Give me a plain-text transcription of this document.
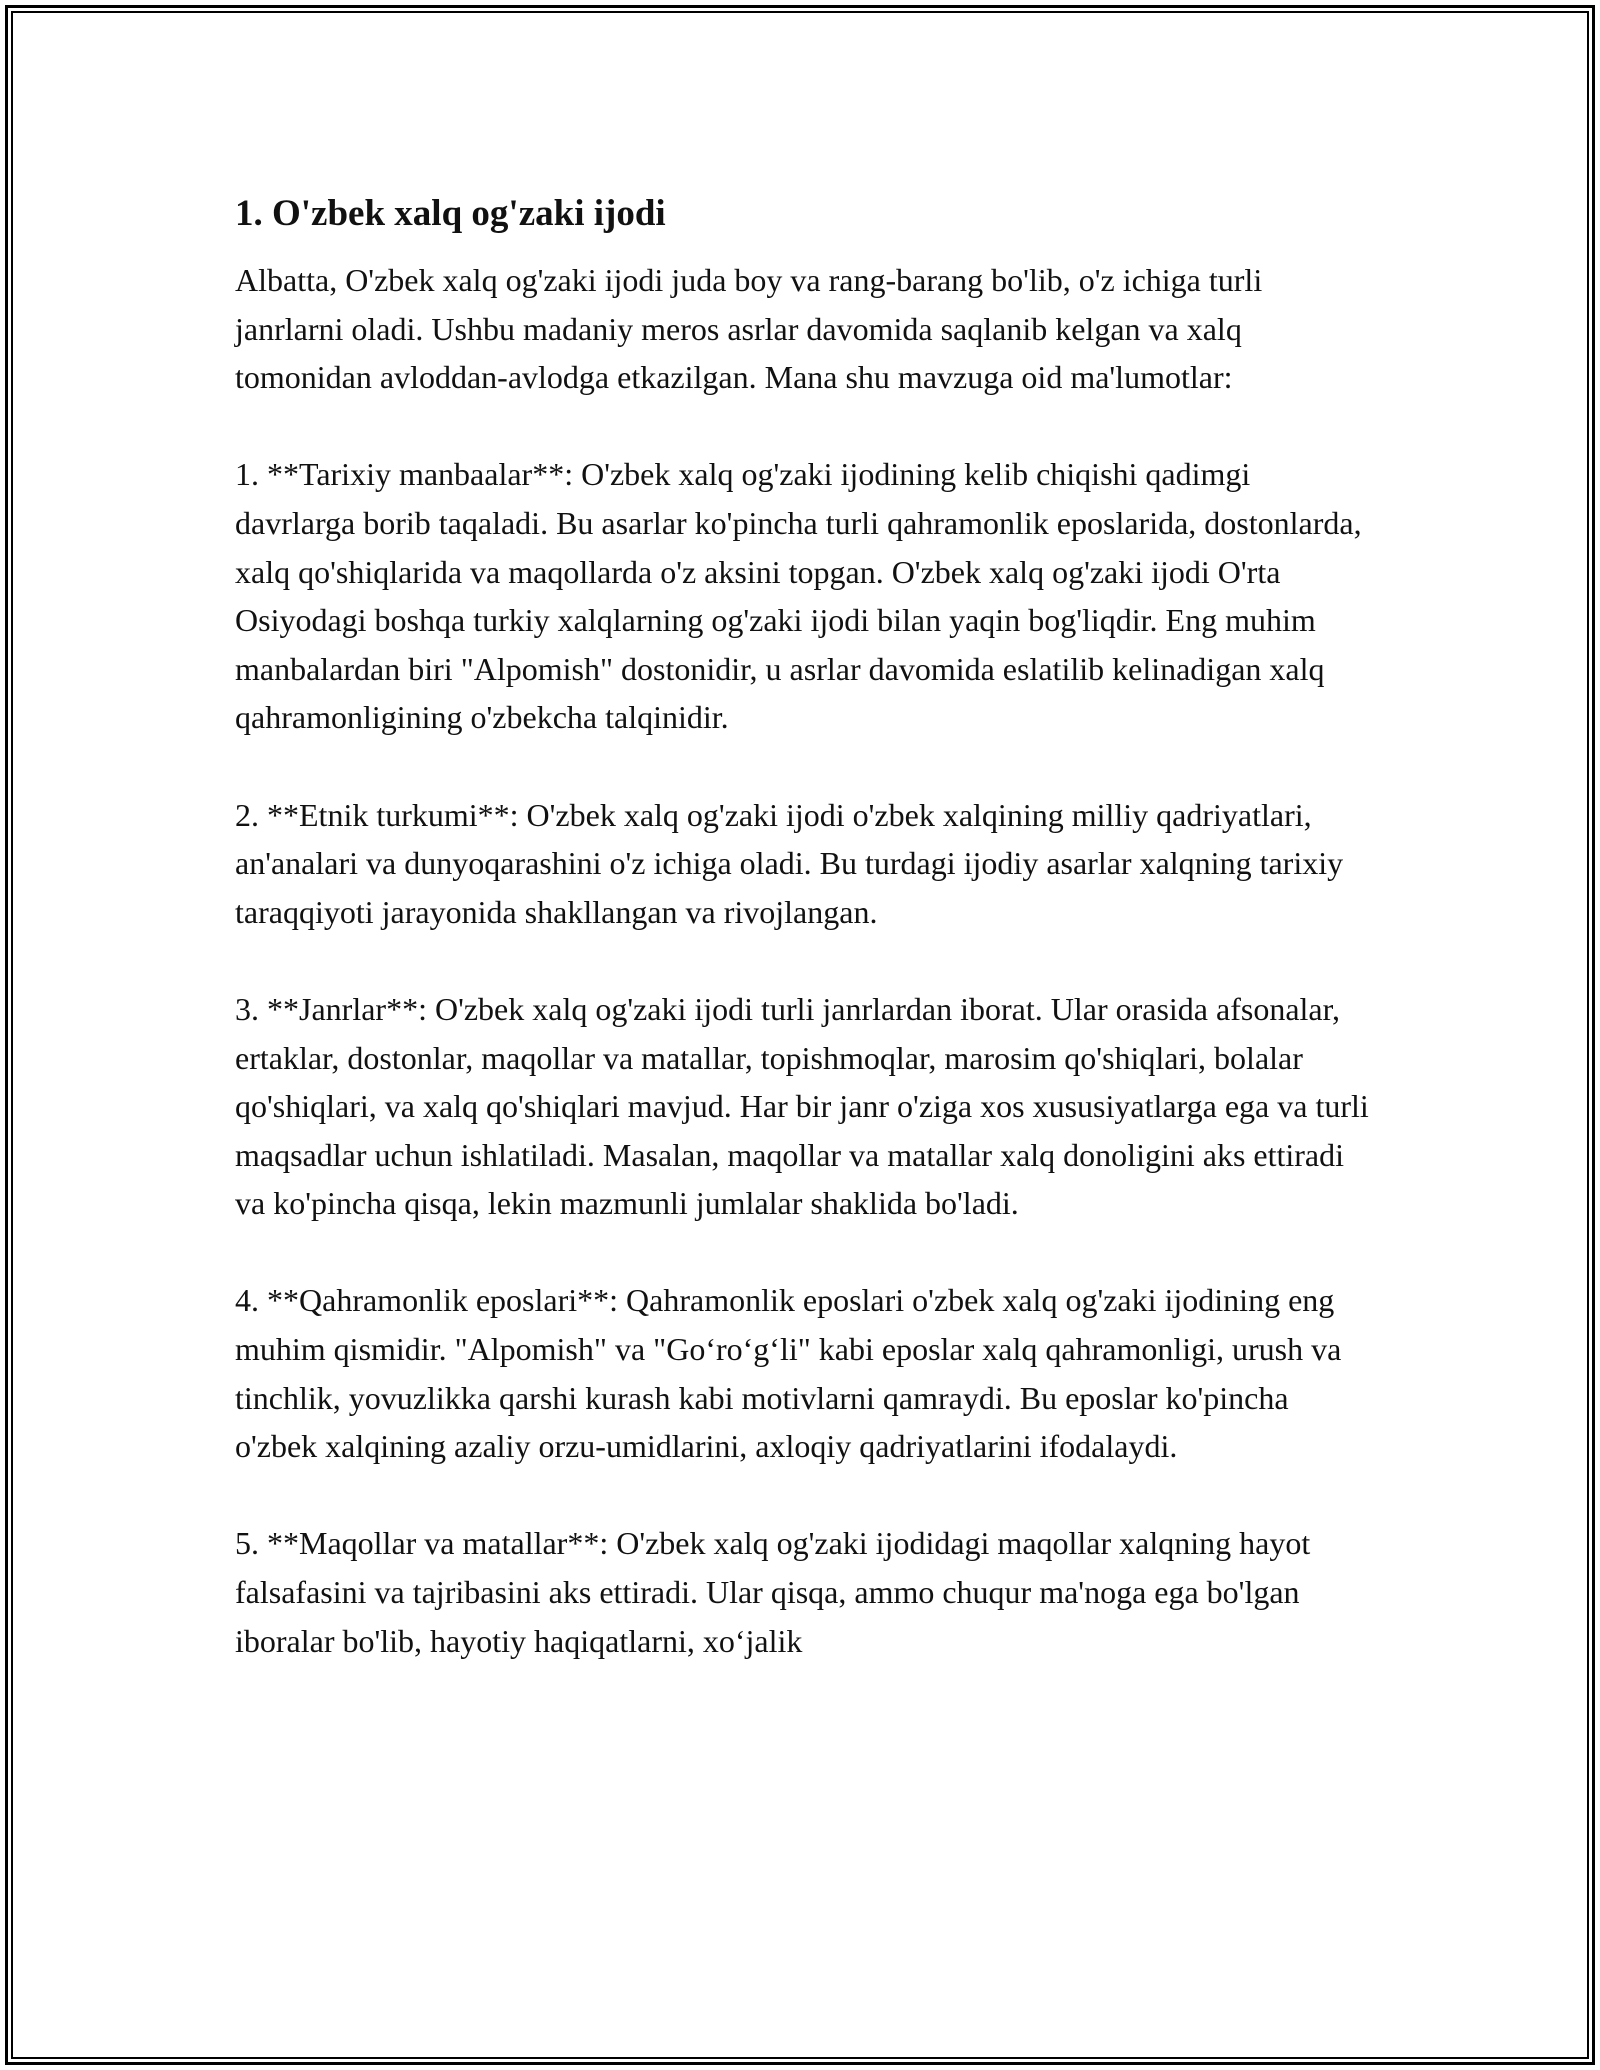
1. O'zbek xalq og'zaki ijodi

Albatta, O'zbek xalq og'zaki ijodi juda boy va rang-barang bo'lib, o'z ichiga turli janrlarni oladi. Ushbu madaniy meros asrlar davomida saqlanib kelgan va xalq tomonidan avloddan-avlodga etkazilgan. Mana shu mavzuga oid ma'lumotlar:

1. **Tarixiy manbaalar**: O'zbek xalq og'zaki ijodining kelib chiqishi qadimgi davrlarga borib taqaladi. Bu asarlar ko'pincha turli qahramonlik eposlarida, dostonlarda, xalq qo'shiqlarida va maqollarda o'z aksini topgan. O'zbek xalq og'zaki ijodi O'rta Osiyodagi boshqa turkiy xalqlarning og'zaki ijodi bilan yaqin bog'liqdir. Eng muhim manbalardan biri "Alpomish" dostonidir, u asrlar davomida eslatilib kelinadigan xalq qahramonligining o'zbekcha talqinidir.

2. **Etnik turkumi**: O'zbek xalq og'zaki ijodi o'zbek xalqining milliy qadriyatlari, an'analari va dunyoqarashini o'z ichiga oladi. Bu turdagi ijodiy asarlar xalqning tarixiy taraqqiyoti jarayonida shakllangan va rivojlangan.

3. **Janrlar**: O'zbek xalq og'zaki ijodi turli janrlardan iborat. Ular orasida afsonalar, ertaklar, dostonlar, maqollar va matallar, topishmoqlar, marosim qo'shiqlari, bolalar qo'shiqlari, va xalq qo'shiqlari mavjud. Har bir janr o'ziga xos xususiyatlarga ega va turli maqsadlar uchun ishlatiladi. Masalan, maqollar va matallar xalq donoligini aks ettiradi va ko'pincha qisqa, lekin mazmunli jumlalar shaklida bo'ladi.

4. **Qahramonlik eposlari**: Qahramonlik eposlari o'zbek xalq og'zaki ijodining eng muhim qismidir. "Alpomish" va "Go‘ro‘g‘li" kabi eposlar xalq qahramonligi, urush va tinchlik, yovuzlikka qarshi kurash kabi motivlarni qamraydi. Bu eposlar ko'pincha o'zbek xalqining azaliy orzu-umidlarini, axloqiy qadriyatlarini ifodalaydi.

5. **Maqollar va matallar**: O'zbek xalq og'zaki ijodidagi maqollar xalqning hayot falsafasini va tajribasini aks ettiradi. Ular qisqa, ammo chuqur ma'noga ega bo'lgan iboralar bo'lib, hayotiy haqiqatlarni, xo‘jalik
